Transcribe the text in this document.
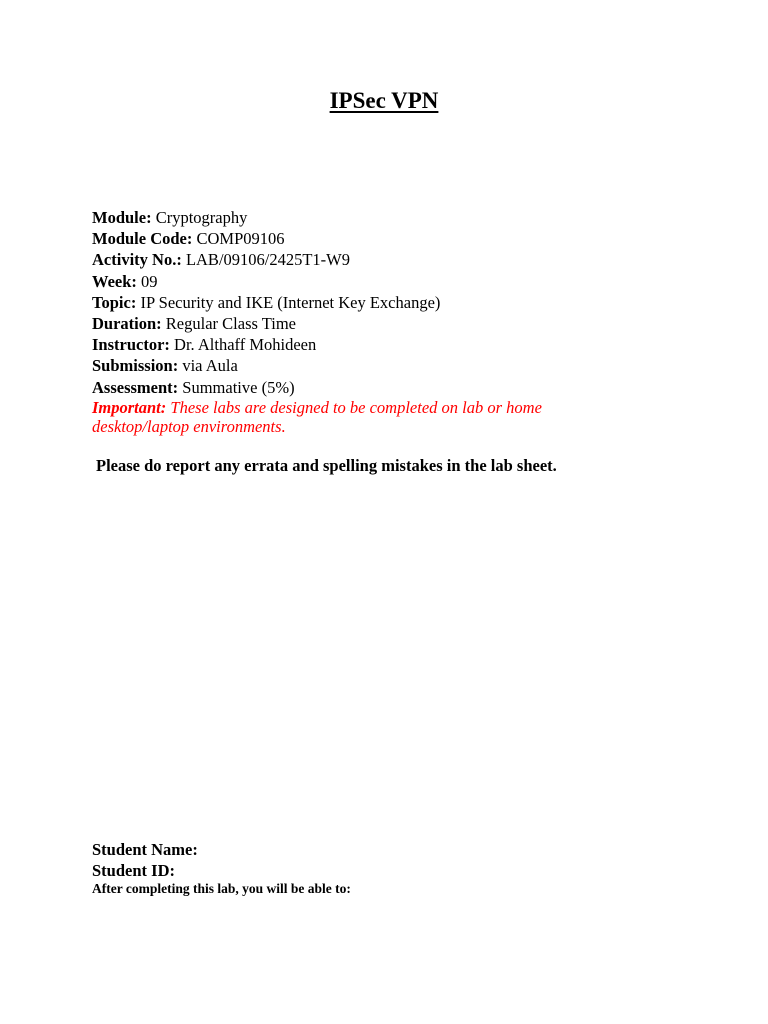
IPSec VPN
Module: Cryptography
Module Code: COMP09106
Activity No.: LAB/09106/2425T1-W9
Week: 09
Topic: IP Security and IKE (Internet Key Exchange)
Duration: Regular Class Time
Instructor: Dr. Althaff Mohideen
Submission: via Aula
Assessment: Summative (5%)
Important: These labs are designed to be completed on lab or home desktop/laptop environments.
Please do report any errata and spelling mistakes in the lab sheet.
Student Name:
Student ID:
After completing this lab, you will be able to:
